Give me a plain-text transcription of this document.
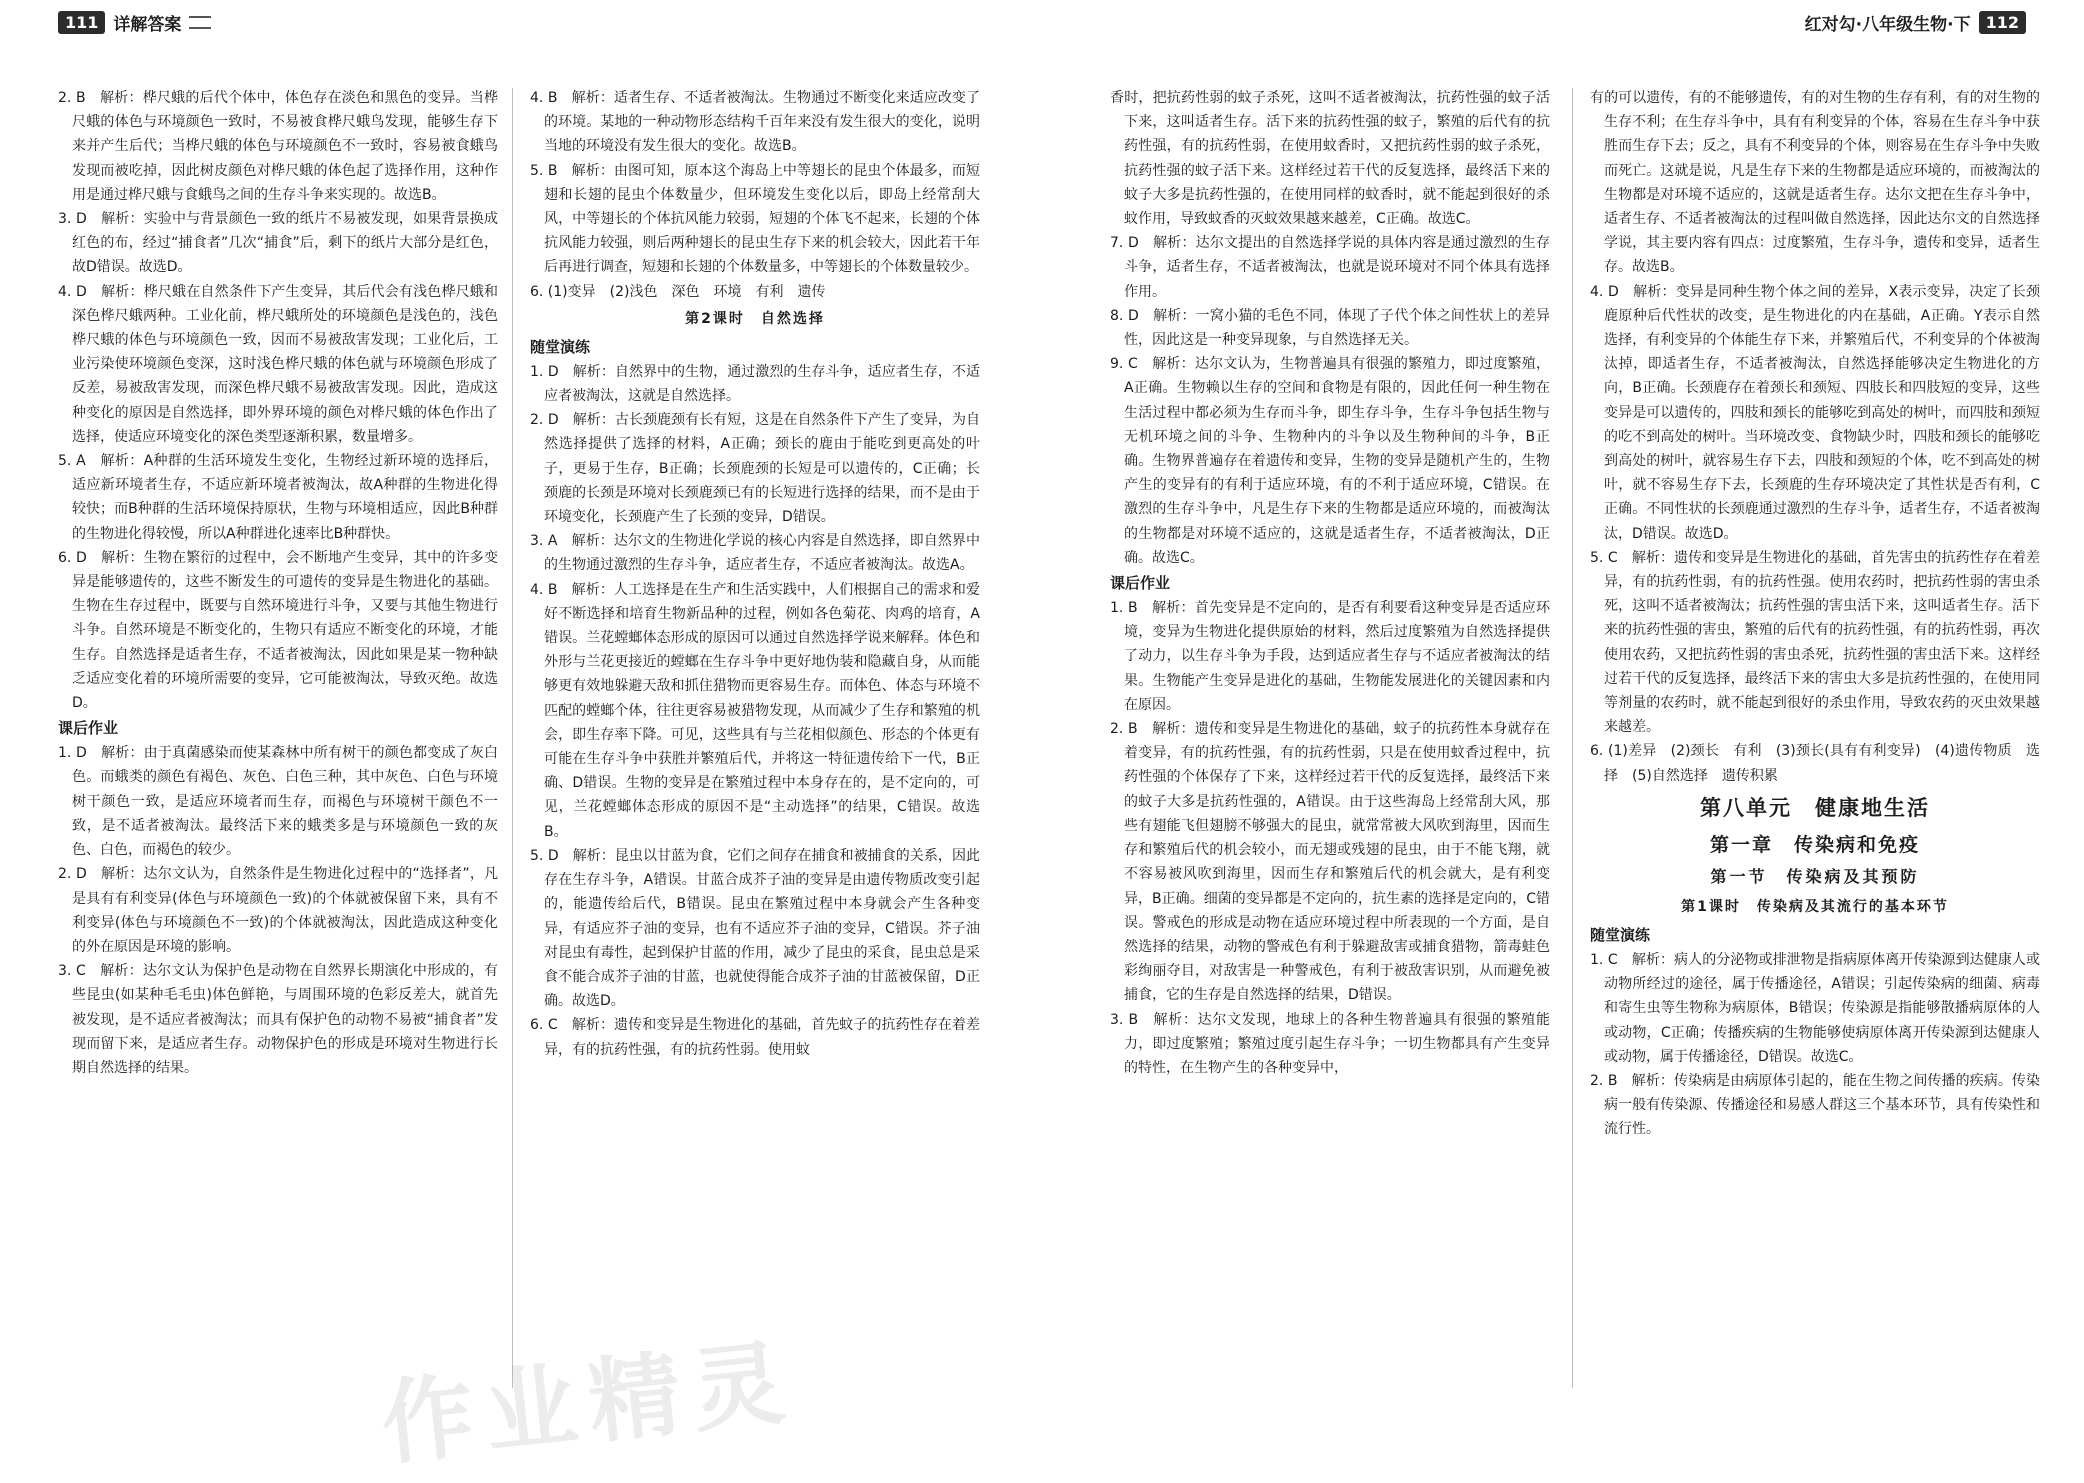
111 详解答案

2. B　解析：桦尺蛾的后代个体中，体色存在淡色和黑色的变异。当桦尺蛾的体色与环境颜色一致时，不易被食桦尺蛾鸟发现，能够生存下来并产生后代；当桦尺蛾的体色与环境颜色不一致时，容易被食蛾鸟发现而被吃掉，因此树皮颜色对桦尺蛾的体色起了选择作用，这种作用是通过桦尺蛾与食蛾鸟之间的生存斗争来实现的。故选B。

3. D　解析：实验中与背景颜色一致的纸片不易被发现，如果背景换成红色的布，经过“捕食者”几次“捕食”后，剩下的纸片大部分是红色，故D错误。故选D。

4. D　解析：桦尺蛾在自然条件下产生变异，其后代会有浅色桦尺蛾和深色桦尺蛾两种。工业化前，桦尺蛾所处的环境颜色是浅色的，浅色桦尺蛾的体色与环境颜色一致，因而不易被敌害发现；工业化后，工业污染使环境颜色变深，这时浅色桦尺蛾的体色就与环境颜色形成了反差，易被敌害发现，而深色桦尺蛾不易被敌害发现。因此，造成这种变化的原因是自然选择，即外界环境的颜色对桦尺蛾的体色作出了选择，使适应环境变化的深色类型逐渐积累，数量增多。

5. A　解析：A种群的生活环境发生变化，生物经过新环境的选择后，适应新环境者生存，不适应新环境者被淘汰，故A种群的生物进化得较快；而B种群的生活环境保持原状，生物与环境相适应，因此B种群的生物进化得较慢，所以A种群进化速率比B种群快。

6. D　解析：生物在繁衍的过程中，会不断地产生变异，其中的许多变异是能够遗传的，这些不断发生的可遗传的变异是生物进化的基础。生物在生存过程中，既要与自然环境进行斗争，又要与其他生物进行斗争。自然环境是不断变化的，生物只有适应不断变化的环境，才能生存。自然选择是适者生存，不适者被淘汰，因此如果是某一物种缺乏适应变化着的环境所需要的变异，它可能被淘汰，导致灭绝。故选D。

课后作业

1. D　解析：由于真菌感染而使某森林中所有树干的颜色都变成了灰白色。而蛾类的颜色有褐色、灰色、白色三种，其中灰色、白色与环境树干颜色一致，是适应环境者而生存，而褐色与环境树干颜色不一致，是不适者被淘汰。最终活下来的蛾类多是与环境颜色一致的灰色、白色，而褐色的较少。

2. D　解析：达尔文认为，自然条件是生物进化过程中的“选择者”，凡是具有有利变异(体色与环境颜色一致)的个体就被保留下来，具有不利变异(体色与环境颜色不一致)的个体就被淘汰，因此造成这种变化的外在原因是环境的影响。

3. C　解析：达尔文认为保护色是动物在自然界长期演化中形成的，有些昆虫(如某种毛毛虫)体色鲜艳，与周围环境的色彩反差大，就首先被发现，是不适应者被淘汰；而具有保护色的动物不易被“捕食者”发现而留下来，是适应者生存。动物保护色的形成是环境对生物进行长期自然选择的结果。

4. B　解析：适者生存、不适者被淘汰。生物通过不断变化来适应改变了的环境。某地的一种动物形态结构千百年来没有发生很大的变化，说明当地的环境没有发生很大的变化。故选B。

5. B　解析：由图可知，原本这个海岛上中等翅长的昆虫个体最多，而短翅和长翅的昆虫个体数量少，但环境发生变化以后，即岛上经常刮大风，中等翅长的个体抗风能力较弱，短翅的个体飞不起来，长翅的个体抗风能力较强，则后两种翅长的昆虫生存下来的机会较大，因此若干年后再进行调查，短翅和长翅的个体数量多，中等翅长的个体数量较少。

6. (1)变异　(2)浅色　深色　环境　有利　遗传

第2课时　自然选择

随堂演练

1. D　解析：自然界中的生物，通过激烈的生存斗争，适应者生存，不适应者被淘汰，这就是自然选择。

2. D　解析：古长颈鹿颈有长有短，这是在自然条件下产生了变异，为自然选择提供了选择的材料，A正确；颈长的鹿由于能吃到更高处的叶子，更易于生存，B正确；长颈鹿颈的长短是可以遗传的，C正确；长颈鹿的长颈是环境对长颈鹿颈已有的长短进行选择的结果，而不是由于环境变化，长颈鹿产生了长颈的变异，D错误。

3. A　解析：达尔文的生物进化学说的核心内容是自然选择，即自然界中的生物通过激烈的生存斗争，适应者生存，不适应者被淘汰。故选A。

4. B　解析：人工选择是在生产和生活实践中，人们根据自己的需求和爱好不断选择和培育生物新品种的过程，例如各色菊花、肉鸡的培育，A错误。兰花螳螂体态形成的原因可以通过自然选择学说来解释。体色和外形与兰花更接近的螳螂在生存斗争中更好地伪装和隐藏自身，从而能够更有效地躲避天敌和抓住猎物而更容易生存。而体色、体态与环境不匹配的螳螂个体，往往更容易被猎物发现，从而减少了生存和繁殖的机会，即生存率下降。可见，这些具有与兰花相似颜色、形态的个体更有可能在生存斗争中获胜并繁殖后代，并将这一特征遗传给下一代，B正确、D错误。生物的变异是在繁殖过程中本身存在的，是不定向的，可见，兰花螳螂体态形成的原因不是“主动选择”的结果，C错误。故选B。

5. D　解析：昆虫以甘蓝为食，它们之间存在捕食和被捕食的关系，因此存在生存斗争，A错误。甘蓝合成芥子油的变异是由遗传物质改变引起的，能遗传给后代，B错误。昆虫在繁殖过程中本身就会产生各种变异，有适应芥子油的变异，也有不适应芥子油的变异，C错误。芥子油对昆虫有毒性，起到保护甘蓝的作用，减少了昆虫的采食，昆虫总是采食不能合成芥子油的甘蓝，也就使得能合成芥子油的甘蓝被保留，D正确。故选D。

6. C　解析：遗传和变异是生物进化的基础，首先蚊子的抗药性存在着差异，有的抗药性强，有的抗药性弱。使用蚊

红对勾·八年级生物·下 112

香时，把抗药性弱的蚊子杀死，这叫不适者被淘汰，抗药性强的蚊子活下来，这叫适者生存。活下来的抗药性强的蚊子，繁殖的后代有的抗药性强，有的抗药性弱，在使用蚊香时，又把抗药性弱的蚊子杀死，抗药性强的蚊子活下来。这样经过若干代的反复选择，最终活下来的蚊子大多是抗药性强的，在使用同样的蚊香时，就不能起到很好的杀蚊作用，导致蚊香的灭蚊效果越来越差，C正确。故选C。

7. D　解析：达尔文提出的自然选择学说的具体内容是通过激烈的生存斗争，适者生存，不适者被淘汰，也就是说环境对不同个体具有选择作用。

8. D　解析：一窝小猫的毛色不同，体现了子代个体之间性状上的差异性，因此这是一种变异现象，与自然选择无关。

9. C　解析：达尔文认为，生物普遍具有很强的繁殖力，即过度繁殖，A正确。生物赖以生存的空间和食物是有限的，因此任何一种生物在生活过程中都必须为生存而斗争，即生存斗争，生存斗争包括生物与无机环境之间的斗争、生物种内的斗争以及生物种间的斗争，B正确。生物界普遍存在着遗传和变异，生物的变异是随机产生的，生物产生的变异有的有利于适应环境，有的不利于适应环境，C错误。在激烈的生存斗争中，凡是生存下来的生物都是适应环境的，而被淘汰的生物都是对环境不适应的，这就是适者生存，不适者被淘汰，D正确。故选C。

课后作业

1. B　解析：首先变异是不定向的，是否有利要看这种变异是否适应环境，变异为生物进化提供原始的材料，然后过度繁殖为自然选择提供了动力，以生存斗争为手段，达到适应者生存与不适应者被淘汰的结果。生物能产生变异是进化的基础，生物能发展进化的关键因素和内在原因。

2. B　解析：遗传和变异是生物进化的基础，蚊子的抗药性本身就存在着变异，有的抗药性强，有的抗药性弱，只是在使用蚊香过程中，抗药性强的个体保存了下来，这样经过若干代的反复选择，最终活下来的蚊子大多是抗药性强的，A错误。由于这些海岛上经常刮大风，那些有翅能飞但翅膀不够强大的昆虫，就常常被大风吹到海里，因而生存和繁殖后代的机会较小，而无翅或残翅的昆虫，由于不能飞翔，就不容易被风吹到海里，因而生存和繁殖后代的机会就大，是有利变异，B正确。细菌的变异都是不定向的，抗生素的选择是定向的，C错误。警戒色的形成是动物在适应环境过程中所表现的一个方面，是自然选择的结果，动物的警戒色有利于躲避敌害或捕食猎物，箭毒蛙色彩绚丽夺目，对敌害是一种警戒色，有利于被敌害识别，从而避免被捕食，它的生存是自然选择的结果，D错误。

3. B　解析：达尔文发现，地球上的各种生物普遍具有很强的繁殖能力，即过度繁殖；繁殖过度引起生存斗争；一切生物都具有产生变异的特性，在生物产生的各种变异中，

有的可以遗传，有的不能够遗传，有的对生物的生存有利，有的对生物的生存不利；在生存斗争中，具有有利变异的个体，容易在生存斗争中获胜而生存下去；反之，具有不利变异的个体，则容易在生存斗争中失败而死亡。这就是说，凡是生存下来的生物都是适应环境的，而被淘汰的生物都是对环境不适应的，这就是适者生存。达尔文把在生存斗争中，适者生存、不适者被淘汰的过程叫做自然选择，因此达尔文的自然选择学说，其主要内容有四点：过度繁殖，生存斗争，遗传和变异，适者生存。故选B。

4. D　解析：变异是同种生物个体之间的差异，X表示变异，决定了长颈鹿原种后代性状的改变，是生物进化的内在基础，A正确。Y表示自然选择，有利变异的个体能生存下来，并繁殖后代，不利变异的个体被淘汰掉，即适者生存，不适者被淘汰，自然选择能够决定生物进化的方向，B正确。长颈鹿存在着颈长和颈短、四肢长和四肢短的变异，这些变异是可以遗传的，四肢和颈长的能够吃到高处的树叶，而四肢和颈短的吃不到高处的树叶。当环境改变、食物缺少时，四肢和颈长的能够吃到高处的树叶，就容易生存下去，四肢和颈短的个体，吃不到高处的树叶，就不容易生存下去，长颈鹿的生存环境决定了其性状是否有利，C正确。不同性状的长颈鹿通过激烈的生存斗争，适者生存，不适者被淘汰，D错误。故选D。

5. C　解析：遗传和变异是生物进化的基础，首先害虫的抗药性存在着差异，有的抗药性弱，有的抗药性强。使用农药时，把抗药性弱的害虫杀死，这叫不适者被淘汰；抗药性强的害虫活下来，这叫适者生存。活下来的抗药性强的害虫，繁殖的后代有的抗药性强，有的抗药性弱，再次使用农药，又把抗药性弱的害虫杀死，抗药性强的害虫活下来。这样经过若干代的反复选择，最终活下来的害虫大多是抗药性强的，在使用同等剂量的农药时，就不能起到很好的杀虫作用，导致农药的灭虫效果越来越差。

6. (1)差异　(2)颈长　有利　(3)颈长(具有有利变异)　(4)遗传物质　选择　(5)自然选择　遗传积累

第八单元　健康地生活

第一章　传染病和免疫

第一节　传染病及其预防

第1课时　传染病及其流行的基本环节

随堂演练

1. C　解析：病人的分泌物或排泄物是指病原体离开传染源到达健康人或动物所经过的途径，属于传播途径，A错误；引起传染病的细菌、病毒和寄生虫等生物称为病原体，B错误；传染源是指能够散播病原体的人或动物，C正确；传播疾病的生物能够使病原体离开传染源到达健康人或动物，属于传播途径，D错误。故选C。

2. B　解析：传染病是由病原体引起的，能在生物之间传播的疾病。传染病一般有传染源、传播途径和易感人群这三个基本环节，具有传染性和流行性。

作业精灵
